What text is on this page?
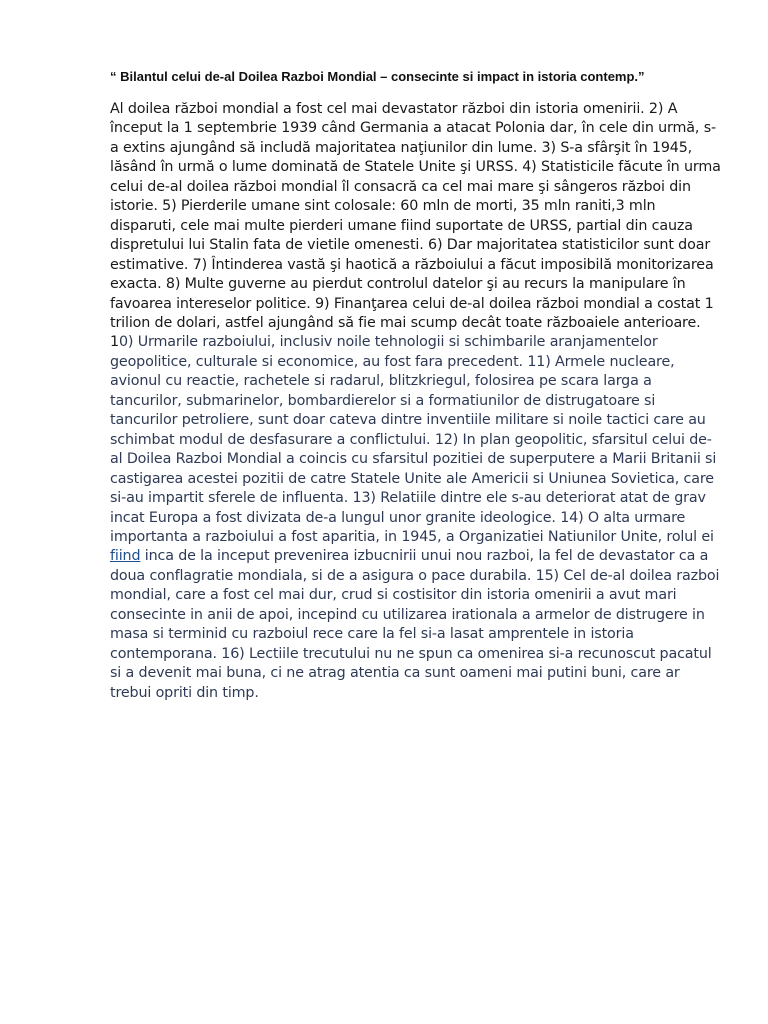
“ Bilantul celui de-al Doilea Razboi Mondial – consecinte si impact in istoria contemp.”
Al doilea război mondial a fost cel mai devastator război din istoria omenirii. 2) A început la 1 septembrie 1939 când Germania a atacat Polonia dar, în cele din urmă, s-a extins ajungând să includă majoritatea naţiunilor din lume. 3) S-a sfârşit în 1945, lăsând în urmă o lume dominată de Statele Unite şi URSS. 4) Statisticile făcute în urma celui de-al doilea război mondial îl consacră ca cel mai mare şi sângeros război din istorie. 5) Pierderile umane sint colosale: 60 mln de morti, 35 mln raniti,3 mln disparuti, cele mai multe pierderi umane fiind suportate de URSS, partial din cauza dispretului lui Stalin fata de vietile omenesti. 6) Dar majoritatea statisticilor sunt doar estimative. 7) Întinderea vastă şi haotică a războiului a făcut imposibilă monitorizarea exacta. 8) Multe guverne au pierdut controlul datelor şi au recurs la manipulare în favoarea intereselor politice. 9) Finanţarea celui de-al doilea război mondial a costat 1 trilion de dolari, astfel ajungând să fie mai scump decât toate războaiele anterioare. 10) Urmarile razboiului, inclusiv noile tehnologii si schimbarile aranjamentelor geopolitice, culturale si economice, au fost fara precedent. 11) Armele nucleare, avionul cu reactie, rachetele si radarul, blitzkriegul, folosirea pe scara larga a tancurilor, submarinelor, bombardierelor si a formatiunilor de distrugatoare si tancurilor petroliere, sunt doar cateva dintre inventiile militare si noile tactici care au schimbat modul de desfasurare a conflictului. 12) In plan geopolitic, sfarsitul celui de-al Doilea Razboi Mondial a coincis cu sfarsitul pozitiei de superputere a Marii Britanii si castigarea acestei pozitii de catre Statele Unite ale Americii si Uniunea Sovietica, care si-au impartit sferele de influenta. 13) Relatiile dintre ele s-au deteriorat atat de grav incat Europa a fost divizata de-a lungul unor granite ideologice. 14) O alta urmare importanta a razboiului a fost aparitia, in 1945, a Organizatiei Natiunilor Unite, rolul ei fiind inca de la inceput prevenirea izbucnirii unui nou razboi, la fel de devastator ca a doua conflagratie mondiala, si de a asigura o pace durabila. 15) Cel de-al doilea razboi mondial, care a fost cel mai dur, crud si costisitor din istoria omenirii a avut mari consecinte in anii de apoi, incepind cu utilizarea irationala a armelor de distrugere in masa si terminid cu razboiul rece care la fel si-a lasat amprentele in istoria contemporana. 16) Lectiile trecutului nu ne spun ca omenirea si-a recunoscut pacatul si a devenit mai buna, ci ne atrag atentia ca sunt oameni mai putini buni, care ar trebui opriti din timp.
